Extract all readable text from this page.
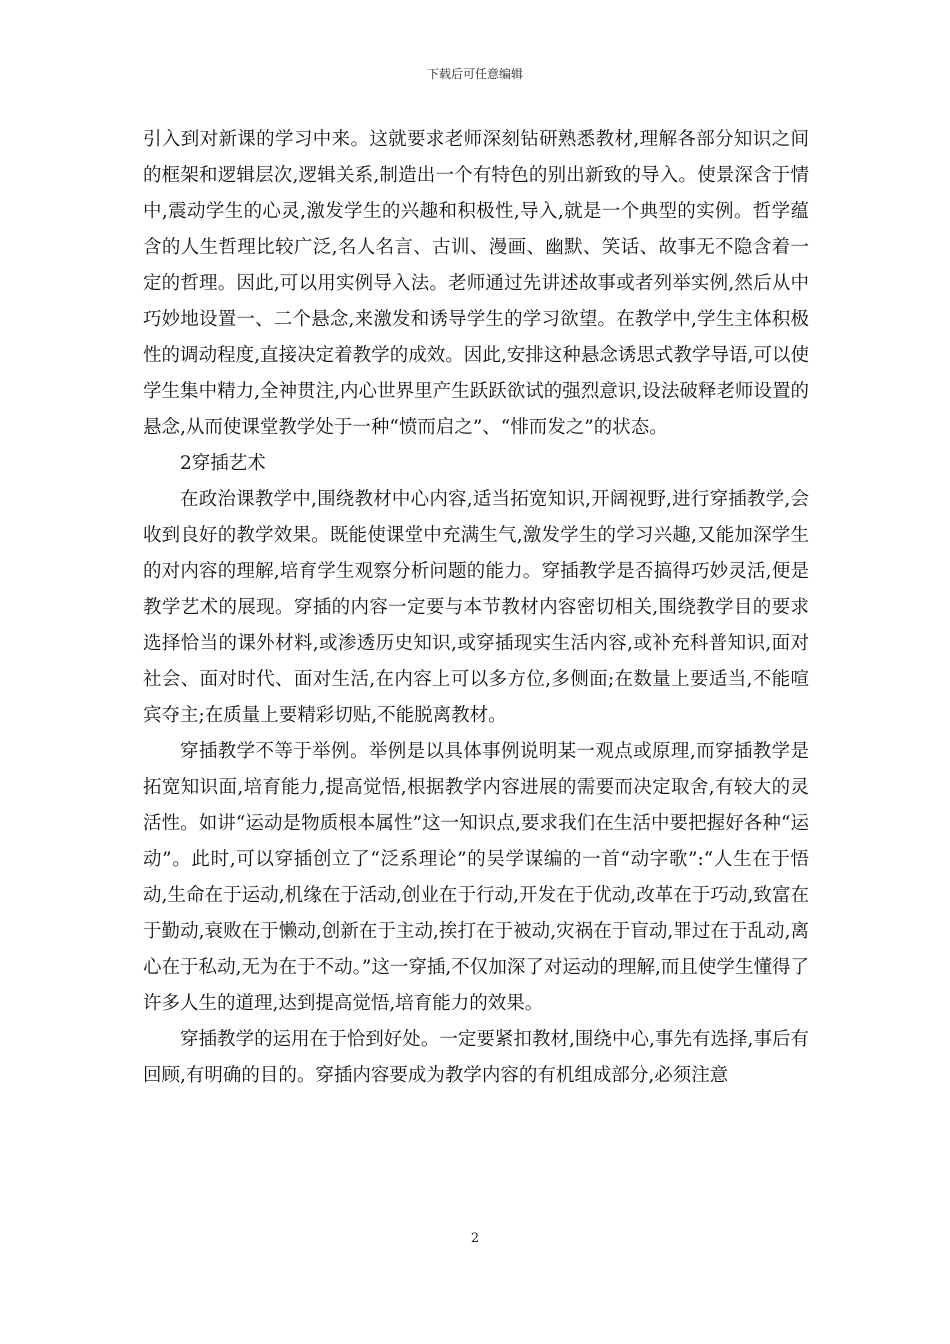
下载后可任意编辑

引入到对新课的学习中来。这就要求老师深刻钻研熟悉教材,理解各部分知识之间的框架和逻辑层次,逻辑关系,制造出一个有特色的别出新致的导入。使景深含于情中,震动学生的心灵,激发学生的兴趣和积极性,导入,就是一个典型的实例。哲学蕴含的人生哲理比较广泛,名人名言、古训、漫画、幽默、笑话、故事无不隐含着一定的哲理。因此,可以用实例导入法。老师通过先讲述故事或者列举实例,然后从中巧妙地设置一、二个悬念,来激发和诱导学生的学习欲望。在教学中,学生主体积极性的调动程度,直接决定着教学的成效。因此,安排这种悬念诱思式教学导语,可以使学生集中精力,全神贯注,内心世界里产生跃跃欲试的强烈意识,设法破释老师设置的悬念,从而使课堂教学处于一种“愤而启之”、“悱而发之”的状态。

2穿插艺术

在政治课教学中,围绕教材中心内容,适当拓宽知识,开阔视野,进行穿插教学,会收到良好的教学效果。既能使课堂中充满生气,激发学生的学习兴趣,又能加深学生的对内容的理解,培育学生观察分析问题的能力。穿插教学是否搞得巧妙灵活,便是教学艺术的展现。穿插的内容一定要与本节教材内容密切相关,围绕教学目的要求选择恰当的课外材料,或渗透历史知识,或穿插现实生活内容,或补充科普知识,面对社会、面对时代、面对生活,在内容上可以多方位,多侧面;在数量上要适当,不能喧宾夺主;在质量上要精彩切贴,不能脱离教材。

穿插教学不等于举例。举例是以具体事例说明某一观点或原理,而穿插教学是拓宽知识面,培育能力,提高觉悟,根据教学内容进展的需要而决定取舍,有较大的灵活性。如讲“运动是物质根本属性”这一知识点,要求我们在生活中要把握好各种“运动”。此时,可以穿插创立了“泛系理论”的吴学谋编的一首“动字歌”:“人生在于悟动,生命在于运动,机缘在于活动,创业在于行动,开发在于优动,改革在于巧动,致富在于勤动,衰败在于懒动,创新在于主动,挨打在于被动,灾祸在于盲动,罪过在于乱动,离心在于私动,无为在于不动。”这一穿插,不仅加深了对运动的理解,而且使学生懂得了许多人生的道理,达到提高觉悟,培育能力的效果。

穿插教学的运用在于恰到好处。一定要紧扣教材,围绕中心,事先有选择,事后有回顾,有明确的目的。穿插内容要成为教学内容的有机组成部分,必须注意

2
